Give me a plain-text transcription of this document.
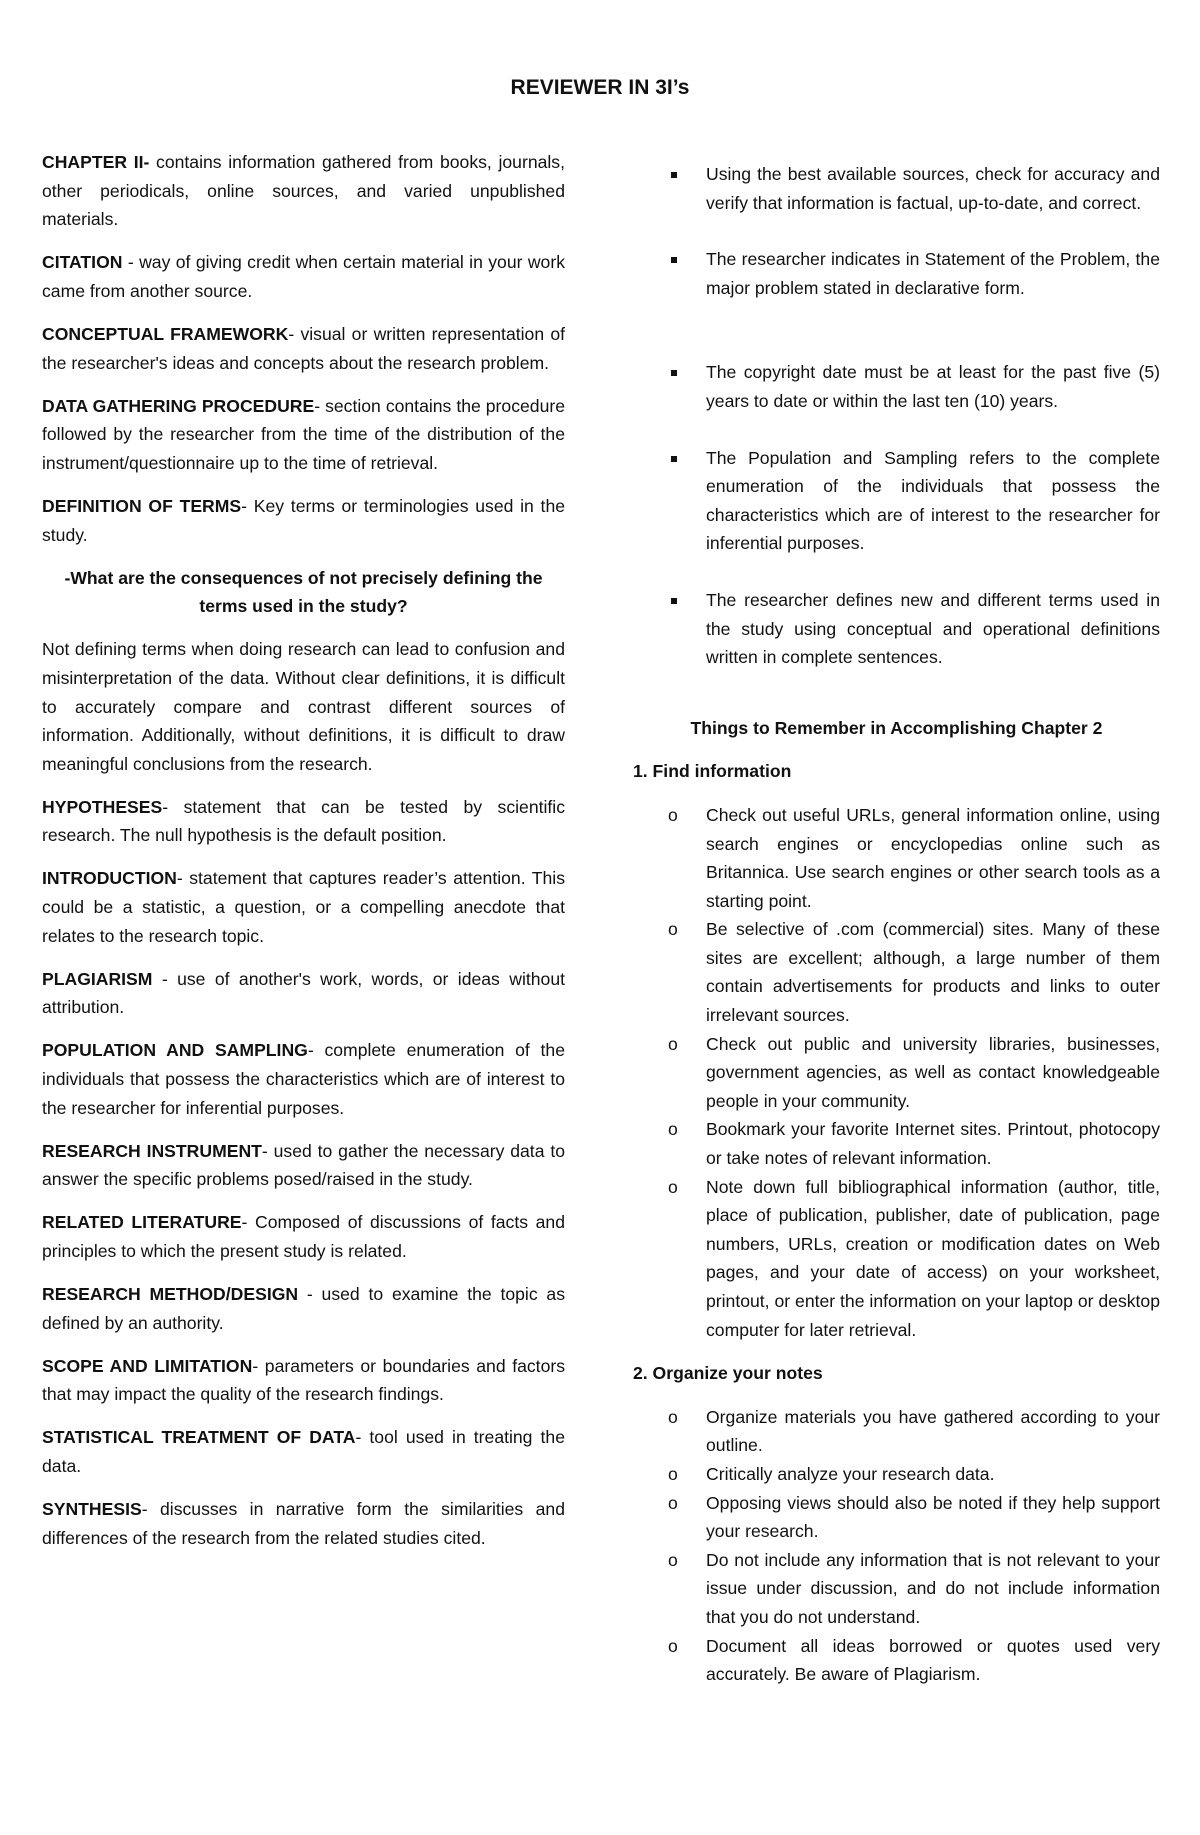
REVIEWER IN 3I’s

CHAPTER II- contains information gathered from books, journals, other periodicals, online sources, and varied unpublished materials.

CITATION - way of giving credit when certain material in your work came from another source.

CONCEPTUAL FRAMEWORK- visual or written representation of the researcher's ideas and concepts about the research problem.

DATA GATHERING PROCEDURE- section contains the procedure followed by the researcher from the time of the distribution of the instrument/questionnaire up to the time of retrieval.

DEFINITION OF TERMS- Key terms or terminologies used in the study.

-What are the consequences of not precisely defining the terms used in the study?

Not defining terms when doing research can lead to confusion and misinterpretation of the data. Without clear definitions, it is difficult to accurately compare and contrast different sources of information. Additionally, without definitions, it is difficult to draw meaningful conclusions from the research.

HYPOTHESES- statement that can be tested by scientific research. The null hypothesis is the default position.

INTRODUCTION- statement that captures reader’s attention. This could be a statistic, a question, or a compelling anecdote that relates to the research topic.

PLAGIARISM - use of another's work, words, or ideas without attribution.

POPULATION AND SAMPLING- complete enumeration of the individuals that possess the characteristics which are of interest to the researcher for inferential purposes.

RESEARCH INSTRUMENT- used to gather the necessary data to answer the specific problems posed/raised in the study.

RELATED LITERATURE- Composed of discussions of facts and principles to which the present study is related.

RESEARCH METHOD/DESIGN - used to examine the topic as defined by an authority.

SCOPE AND LIMITATION- parameters or boundaries and factors that may impact the quality of the research findings.

STATISTICAL TREATMENT OF DATA- tool used in treating the data.

SYNTHESIS- discusses in narrative form the similarities and differences of the research from the related studies cited.

Using the best available sources, check for accuracy and verify that information is factual, up-to-date, and correct.
The researcher indicates in Statement of the Problem, the major problem stated in declarative form.
The copyright date must be at least for the past five (5) years to date or within the last ten (10) years.
The Population and Sampling refers to the complete enumeration of the individuals that possess the characteristics which are of interest to the researcher for inferential purposes.
The researcher defines new and different terms used in the study using conceptual and operational definitions written in complete sentences.
Things to Remember in Accomplishing Chapter 2
1. Find information
o Check out useful URLs, general information online, using search engines or encyclopedias online such as Britannica. Use search engines or other search tools as a starting point.
o Be selective of .com (commercial) sites. Many of these sites are excellent; although, a large number of them contain advertisements for products and links to outer irrelevant sources.
o Check out public and university libraries, businesses, government agencies, as well as contact knowledgeable people in your community.
o Bookmark your favorite Internet sites. Printout, photocopy or take notes of relevant information.
o Note down full bibliographical information (author, title, place of publication, publisher, date of publication, page numbers, URLs, creation or modification dates on Web pages, and your date of access) on your worksheet, printout, or enter the information on your laptop or desktop computer for later retrieval.
2. Organize your notes
o Organize materials you have gathered according to your outline.
o Critically analyze your research data.
o Opposing views should also be noted if they help support your research.
o Do not include any information that is not relevant to your issue under discussion, and do not include information that you do not understand.
o Document all ideas borrowed or quotes used very accurately. Be aware of Plagiarism.
